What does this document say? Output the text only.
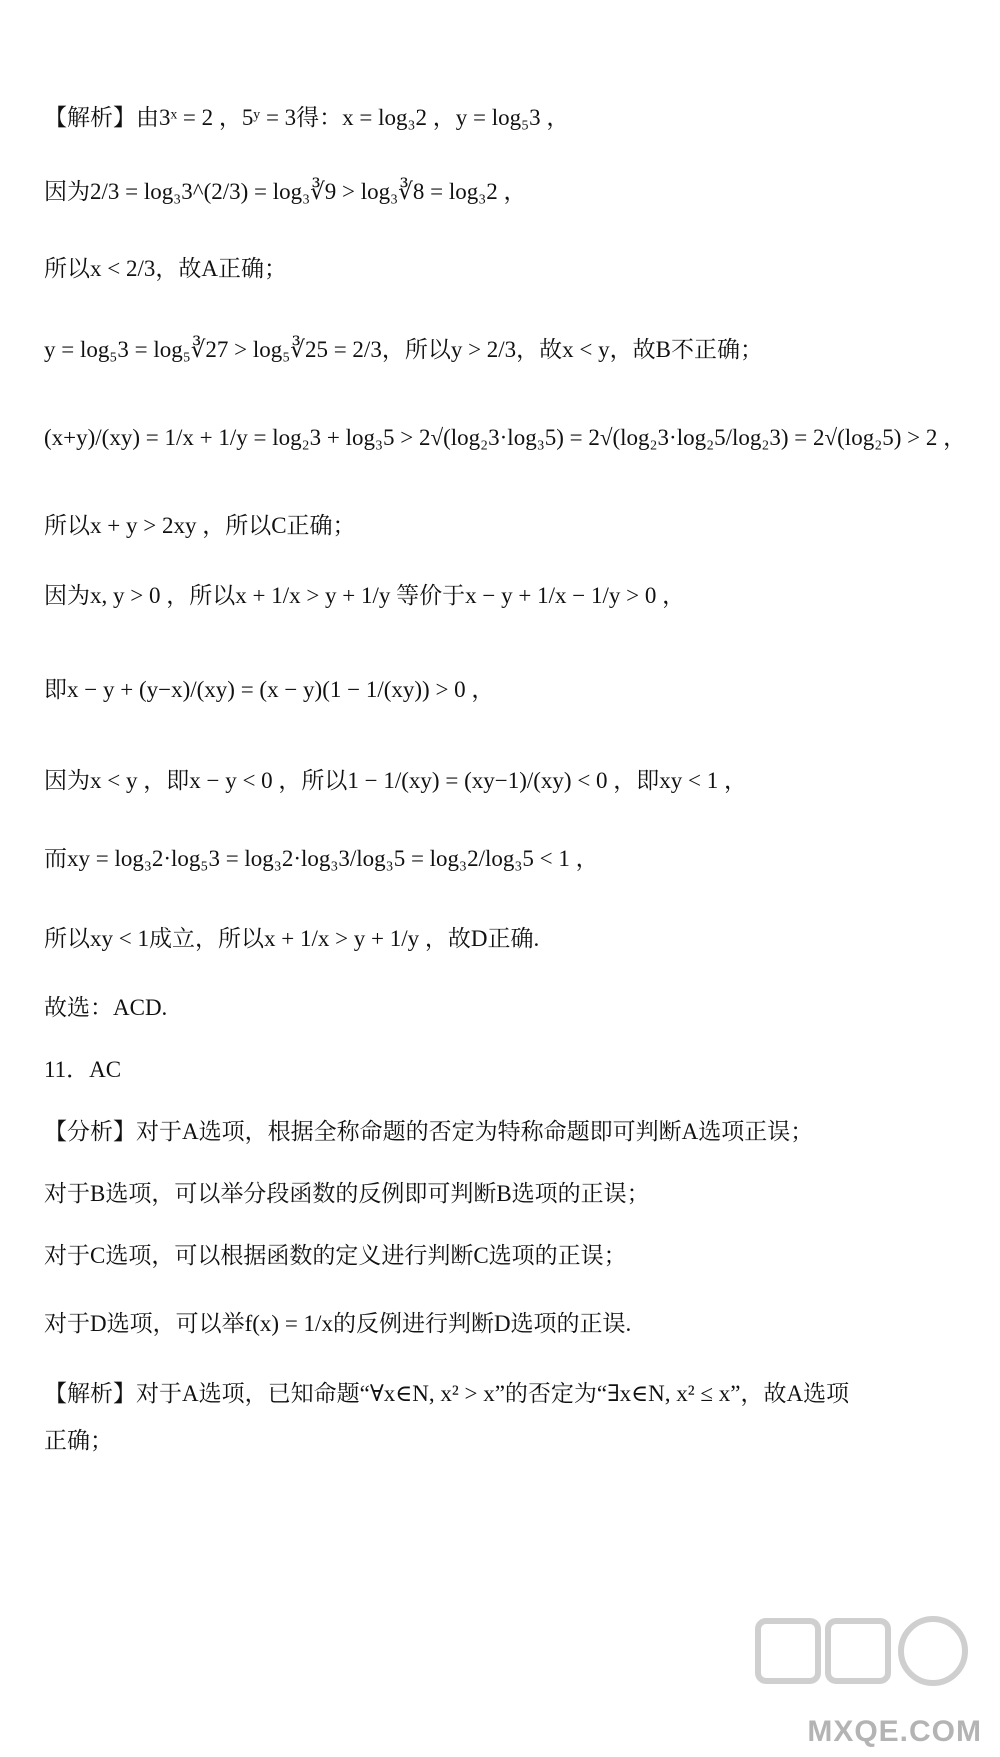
【解析】由3ˣ = 2 ，5ʸ = 3得：x = log₃2 ，y = log₅3 ，
因为2/3 = log₃3^(2/3) = log₃∛9 > log₃∛8 = log₃2 ，
所以x < 2/3，故A正确；
y = log₅3 = log₅∛27 > log₅∛25 = 2/3，所以y > 2/3，故x < y，故B不正确；
(x+y)/(xy) = 1/x + 1/y = log₂3 + log₃5 > 2√(log₂3·log₃5) = 2√(log₂3·log₂5/log₂3) = 2√(log₂5) > 2 ，
所以x + y > 2xy ，所以C正确；
因为x, y > 0 ，所以x + 1/x > y + 1/y 等价于x − y + 1/x − 1/y > 0 ，
即x − y + (y−x)/(xy) = (x − y)(1 − 1/(xy)) > 0 ，
因为x < y ，即x − y < 0 ，所以1 − 1/(xy) = (xy−1)/(xy) < 0 ，即xy < 1 ，
而xy = log₃2·log₅3 = log₃2·log₃3/log₃5 = log₃2/log₃5 < 1 ，
所以xy < 1成立，所以x + 1/x > y + 1/y ，故D正确.
故选：ACD.
11．AC
【分析】对于A选项，根据全称命题的否定为特称命题即可判断A选项正误；
对于B选项，可以举分段函数的反例即可判断B选项的正误；
对于C选项，可以根据函数的定义进行判断C选项的正误；
对于D选项，可以举f(x) = 1/x的反例进行判断D选项的正误.
【解析】对于A选项，已知命题“∀x∈N, x² > x”的否定为“∃x∈N, x² ≤ x”，故A选项
正确；
MXQE.COM
